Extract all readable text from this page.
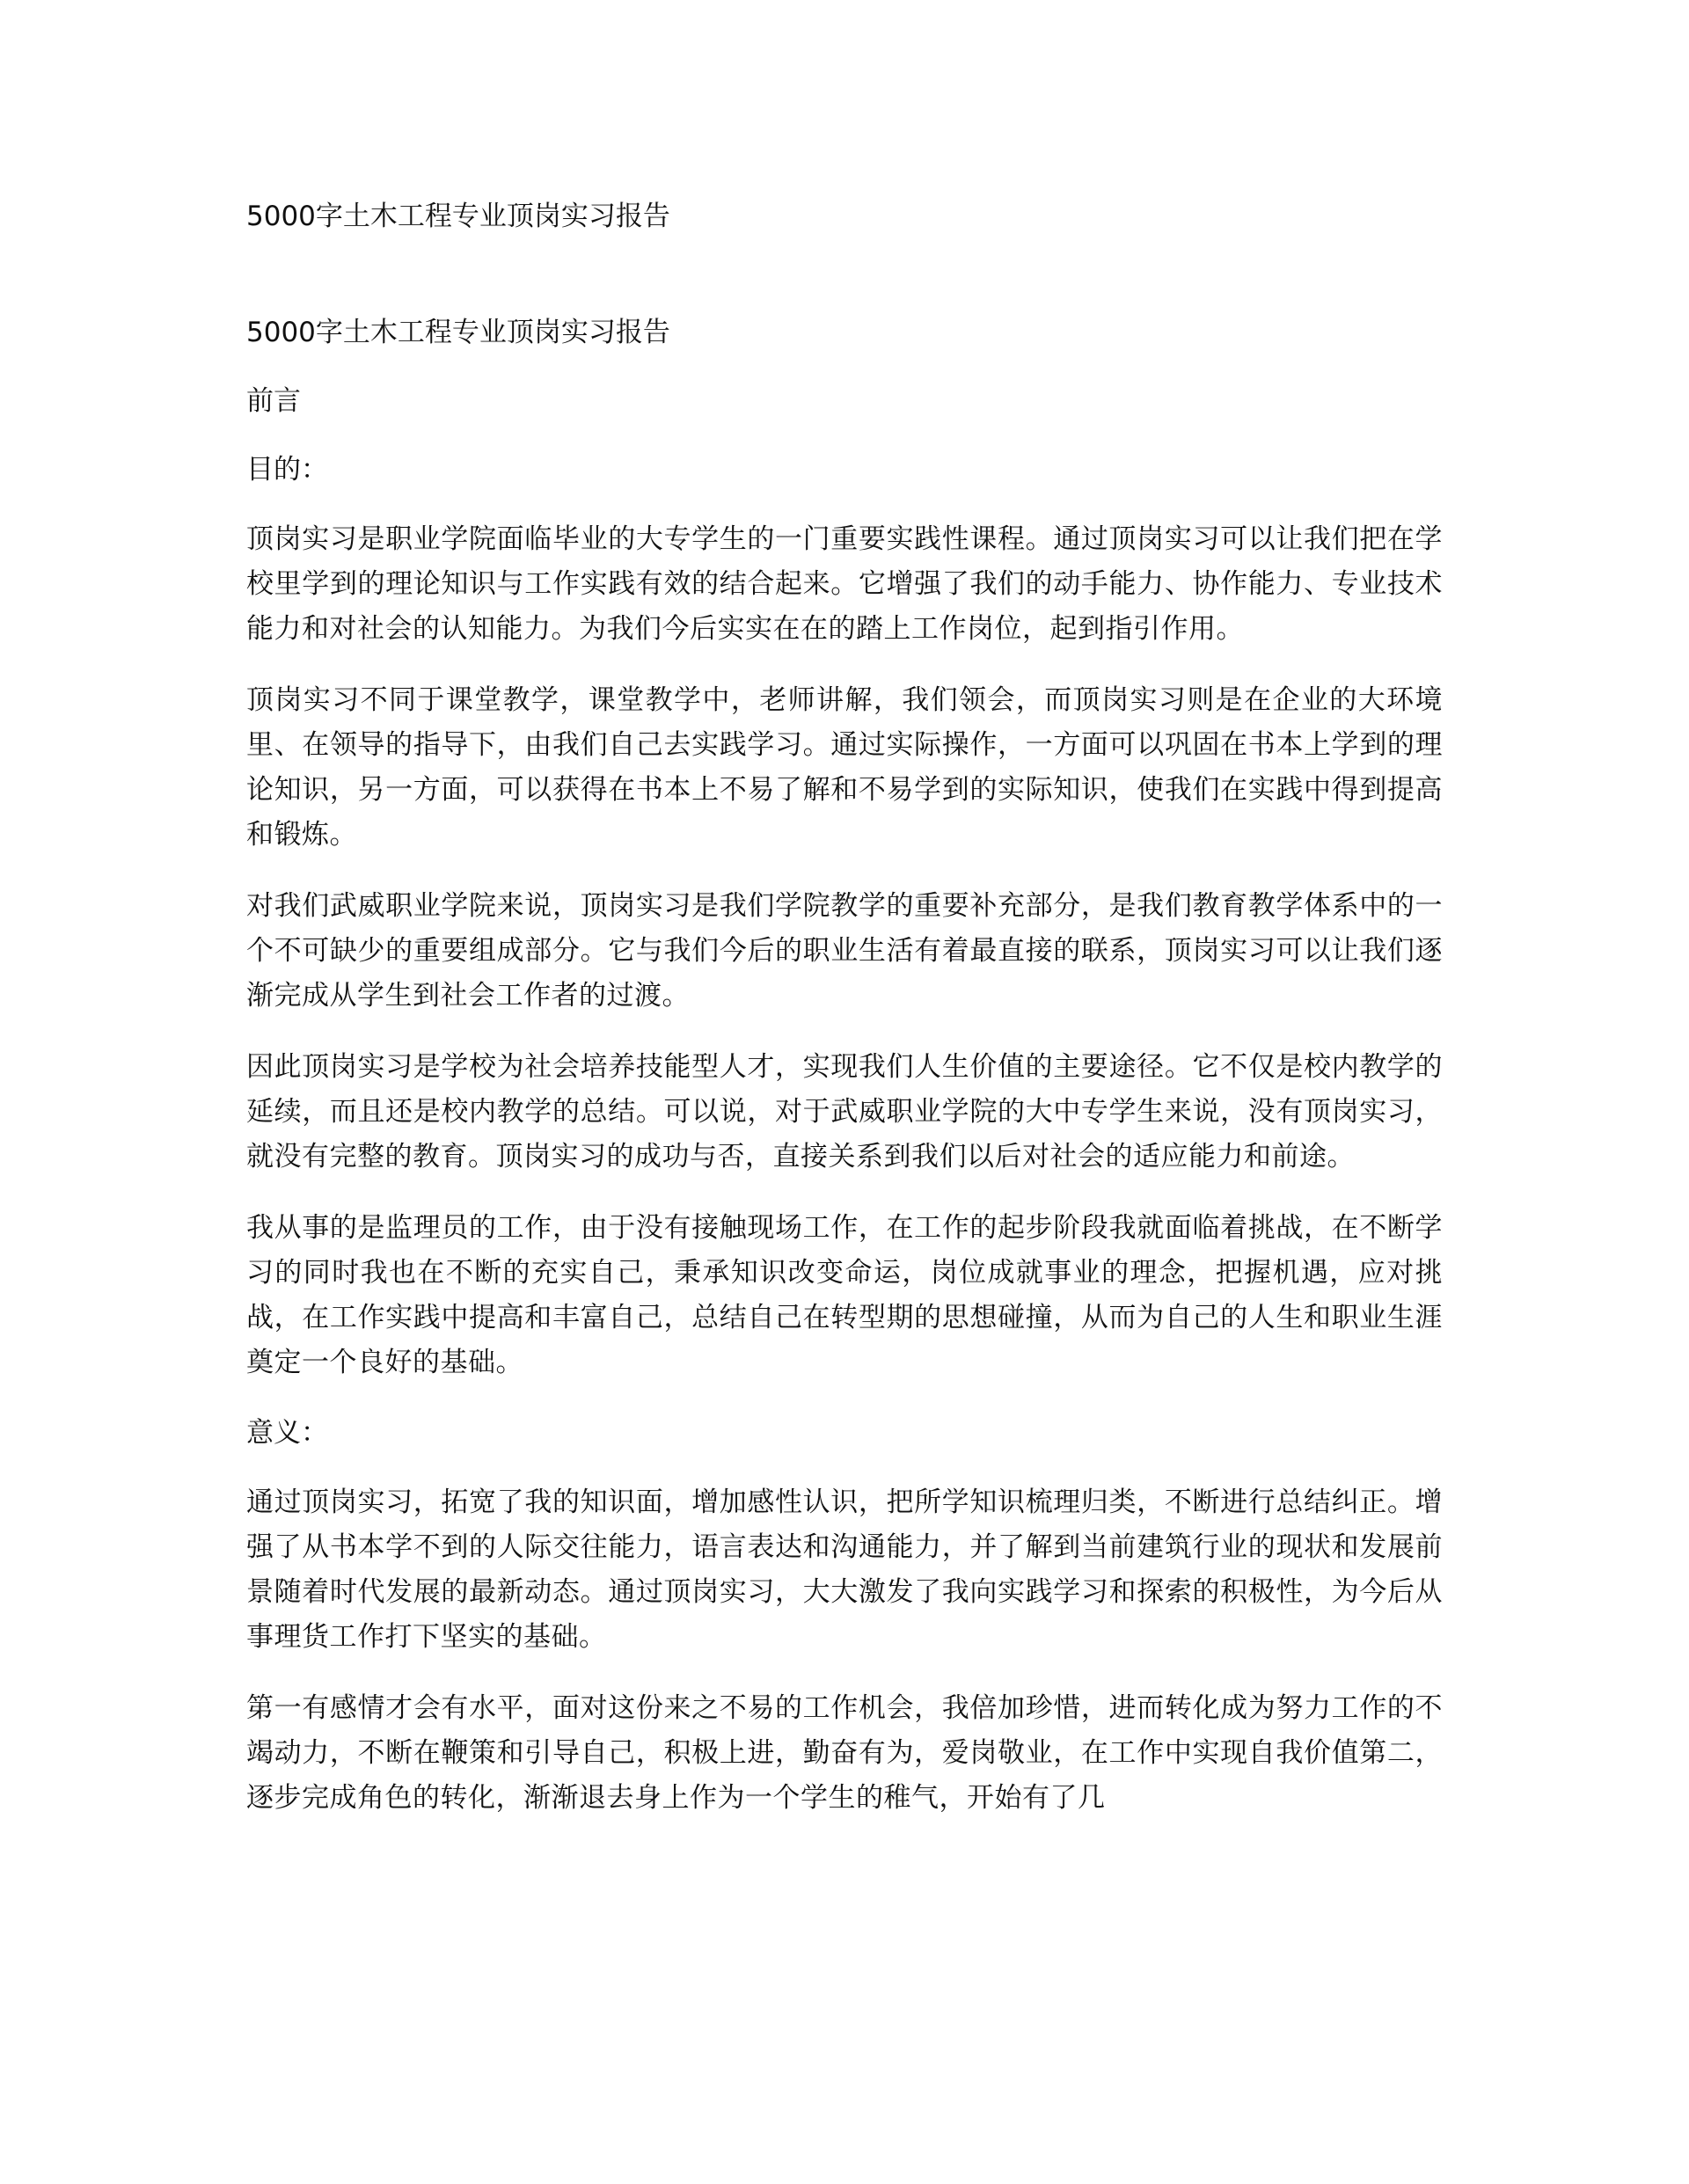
5000字土木工程专业顶岗实习报告
5000字土木工程专业顶岗实习报告
前言
目的：

顶岗实习是职业学院面临毕业的大专学生的一门重要实践性课程。通过顶岗实习可以让我们把在学校里学到的理论知识与工作实践有效的结合起来。它增强了我们的动手能力、协作能力、专业技术能力和对社会的认知能力。为我们今后实实在在的踏上工作岗位，起到指引作用。

顶岗实习不同于课堂教学，课堂教学中，老师讲解，我们领会，而顶岗实习则是在企业的大环境里、在领导的指导下，由我们自己去实践学习。通过实际操作，一方面可以巩固在书本上学到的理论知识，另一方面，可以获得在书本上不易了解和不易学到的实际知识，使我们在实践中得到提高和锻炼。

对我们武威职业学院来说，顶岗实习是我们学院教学的重要补充部分，是我们教育教学体系中的一个不可缺少的重要组成部分。它与我们今后的职业生活有着最直接的联系，顶岗实习可以让我们逐渐完成从学生到社会工作者的过渡。

因此顶岗实习是学校为社会培养技能型人才，实现我们人生价值的主要途径。它不仅是校内教学的延续，而且还是校内教学的总结。可以说，对于武威职业学院的大中专学生来说，没有顶岗实习，就没有完整的教育。顶岗实习的成功与否，直接关系到我们以后对社会的适应能力和前途。

我从事的是监理员的工作，由于没有接触现场工作，在工作的起步阶段我就面临着挑战，在不断学习的同时我也在不断的充实自己，秉承知识改变命运，岗位成就事业的理念，把握机遇，应对挑战，在工作实践中提高和丰富自己，总结自己在转型期的思想碰撞，从而为自己的人生和职业生涯奠定一个良好的基础。

意义：

通过顶岗实习，拓宽了我的知识面，增加感性认识，把所学知识梳理归类，不断进行总结纠正。增强了从书本学不到的人际交往能力，语言表达和沟通能力，并了解到当前建筑行业的现状和发展前景随着时代发展的最新动态。通过顶岗实习，大大激发了我向实践学习和探索的积极性，为今后从事理货工作打下坚实的基础。

第一有感情才会有水平，面对这份来之不易的工作机会，我倍加珍惜，进而转化成为努力工作的不竭动力，不断在鞭策和引导自己，积极上进，勤奋有为，爱岗敬业，在工作中实现自我价值第二，逐步完成角色的转化，渐渐退去身上作为一个学生的稚气，开始有了几
